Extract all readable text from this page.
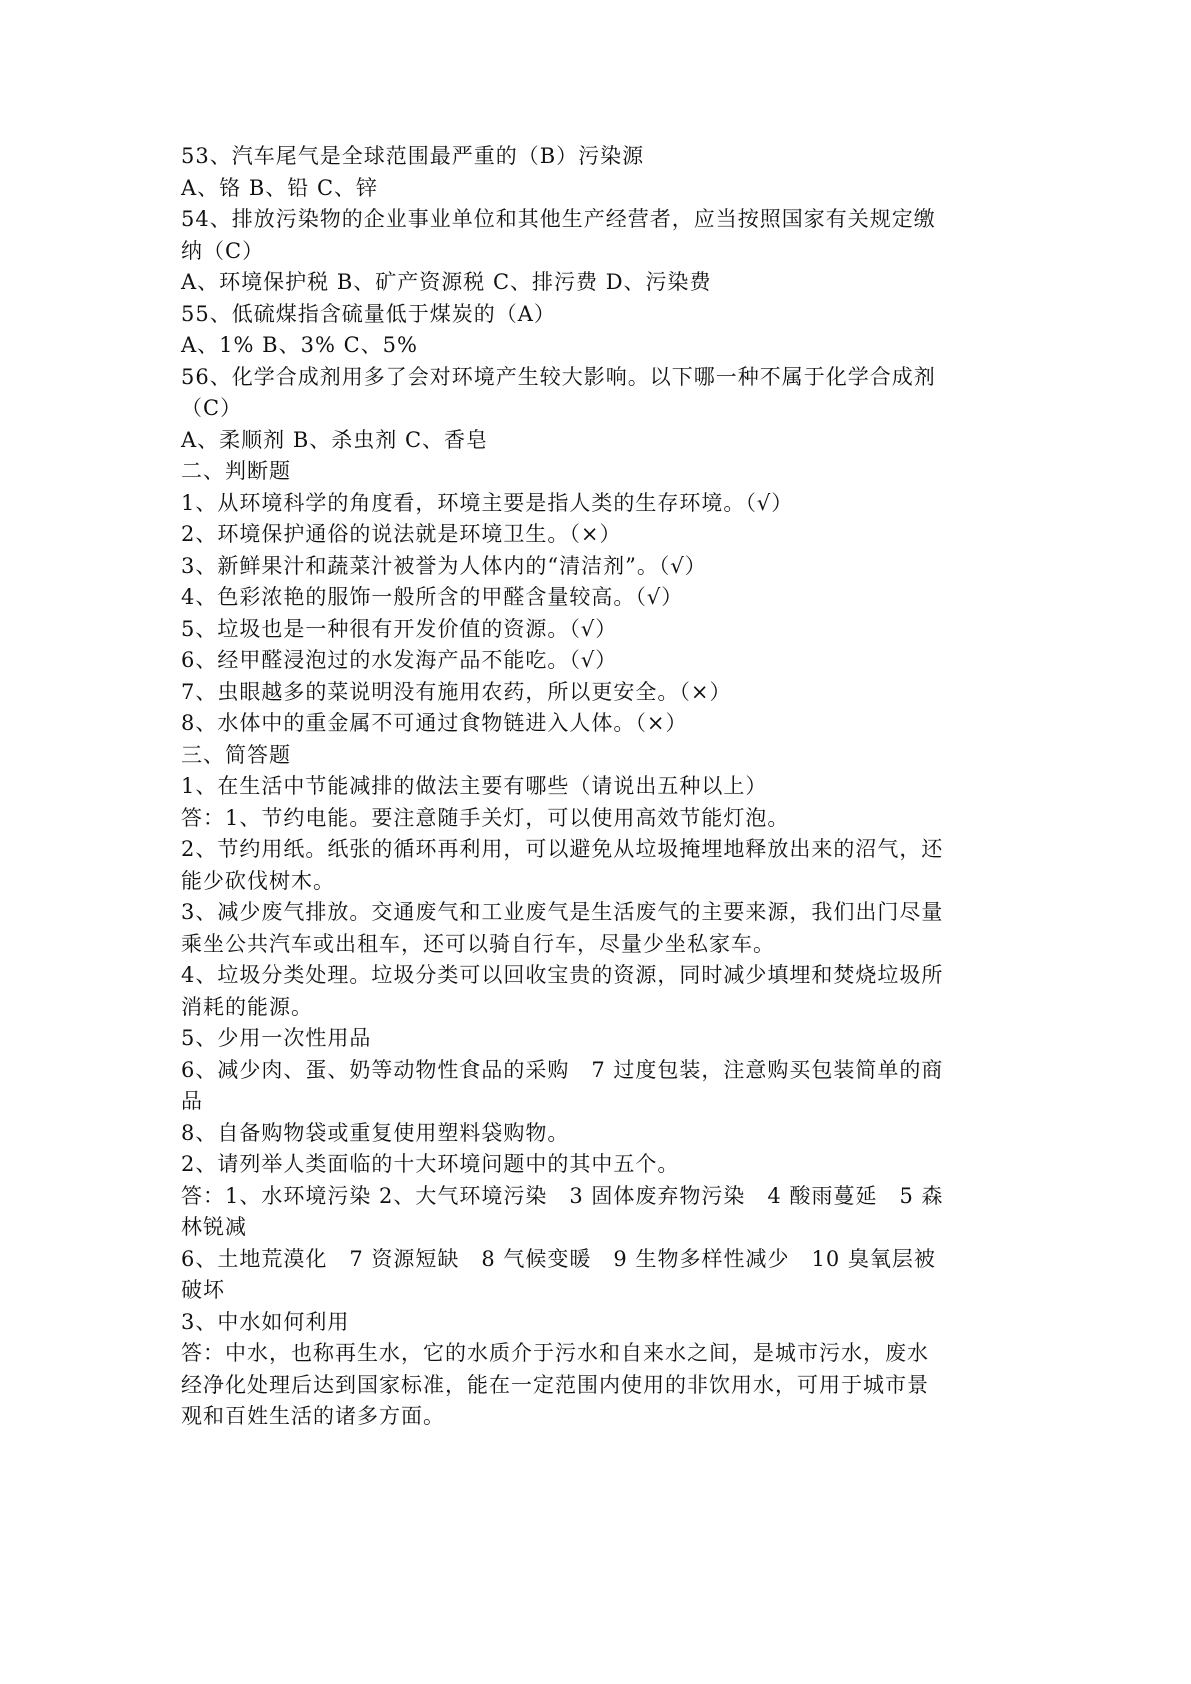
53、汽车尾气是全球范围最严重的（B）污染源
A、铬 B、铅 C、锌
54、排放污染物的企业事业单位和其他生产经营者，应当按照国家有关规定缴
纳（C）
A、环境保护税 B、矿产资源税 C、排污费 D、污染费
55、低硫煤指含硫量低于煤炭的（A）
A、1% B、3% C、5%
56、化学合成剂用多了会对环境产生较大影响。以下哪一种不属于化学合成剂
（C）
A、柔顺剂 B、杀虫剂 C、香皂
二、判断题
1、从环境科学的角度看，环境主要是指人类的生存环境。（√）
2、环境保护通俗的说法就是环境卫生。（×）
3、新鲜果汁和蔬菜汁被誉为人体内的“清洁剂”。（√）
4、色彩浓艳的服饰一般所含的甲醛含量较高。（√）
5、垃圾也是一种很有开发价值的资源。（√）
6、经甲醛浸泡过的水发海产品不能吃。（√）
7、虫眼越多的菜说明没有施用农药，所以更安全。（×）
8、水体中的重金属不可通过食物链进入人体。（×）
三、简答题
1、在生活中节能减排的做法主要有哪些（请说出五种以上）
答：1、节约电能。要注意随手关灯，可以使用高效节能灯泡。
2、节约用纸。纸张的循环再利用，可以避免从垃圾掩埋地释放出来的沼气，还
能少砍伐树木。
3、减少废气排放。交通废气和工业废气是生活废气的主要来源，我们出门尽量
乘坐公共汽车或出租车，还可以骑自行车，尽量少坐私家车。
4、垃圾分类处理。垃圾分类可以回收宝贵的资源，同时减少填埋和焚烧垃圾所
消耗的能源。
5、少用一次性用品
6、减少肉、蛋、奶等动物性食品的采购　7 过度包装，注意购买包装简单的商
品
8、自备购物袋或重复使用塑料袋购物。
2、请列举人类面临的十大环境问题中的其中五个。
答：1、水环境污染 2、大气环境污染　3 固体废弃物污染　4 酸雨蔓延　5 森
林锐减
6、土地荒漠化　7 资源短缺　8 气候变暖　9 生物多样性减少　10 臭氧层被
破坏
3、中水如何利用
答：中水，也称再生水，它的水质介于污水和自来水之间，是城市污水，废水
经净化处理后达到国家标准，能在一定范围内使用的非饮用水，可用于城市景
观和百姓生活的诸多方面。
